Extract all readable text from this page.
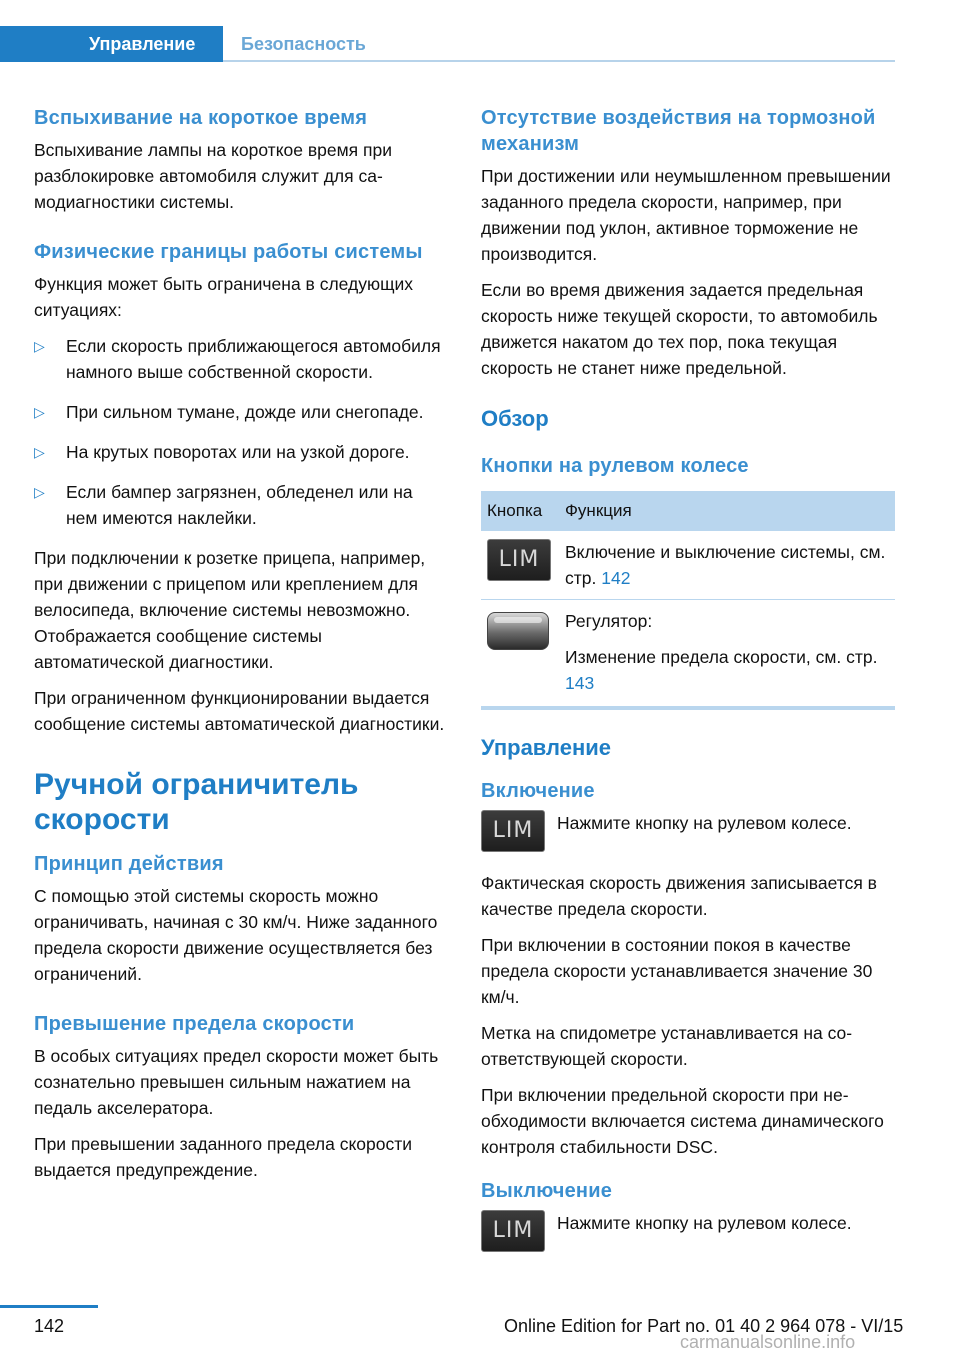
Управление	Безопасность
Вспыхивание на короткое время

Вспыхивание лампы на короткое время при разблокировке автомобиля служит для самодиагностики системы.

Физические границы работы системы

Функция может быть ограничена в следующих ситуациях:

▷ Если скорость приближающегося автомобиля намного выше собственной скорости.
▷ При сильном тумане, дожде или снегопаде.
▷ На крутых поворотах или на узкой дороге.
▷ Если бампер загрязнен, обледенел или на нем имеются наклейки.

При подключении к розетке прицепа, например, при движении с прицепом или креплением для велосипеда, включение системы невозможно. Отображается сообщение системы автоматической диагностики.

При ограниченном функционировании выдается сообщение системы автоматической диагностики.

Ручной ограничитель скорости
Принцип действия

С помощью этой системы скорость можно ограничивать, начиная с 30 км/ч. Ниже заданного предела скорости движение осуществляется без ограничений.

Превышение предела скорости

В особых ситуациях предел скорости может быть сознательно превышен сильным нажатием на педаль акселератора.

При превышении заданного предела скорости выдается предупреждение.

Отсутствие воздействия на тормозной механизм

При достижении или неумышленном превышении заданного предела скорости, например, при движении под уклон, активное торможение не производится.

Если во время движения задается предельная скорость ниже текущей скорости, то автомобиль движется накатом до тех пор, пока текущая скорость не станет ниже предельной.

Обзор
Кнопки на рулевом колесе
Кнопка	Функция

LIM	Включение и выключение системы, см. стр. 142

	Регулятор:
Изменение предела скорости, см. стр. 143
Управление
Включение
LIM	Нажмите кнопку на рулевом колесе.

Фактическая скорость движения записывается в качестве предела скорости.

При включении в состоянии покоя в качестве предела скорости устанавливается значение 30 км/ч.

Метка на спидометре устанавливается на соответствующей скорости.

При включении предельной скорости при необходимости включается система динамического контроля стабильности DSC.

Выключение
LIM	Нажмите кнопку на рулевом колесе.
142	Online Edition for Part no. 01 40 2 964 078 - VI/15
carmanualsonline.info
